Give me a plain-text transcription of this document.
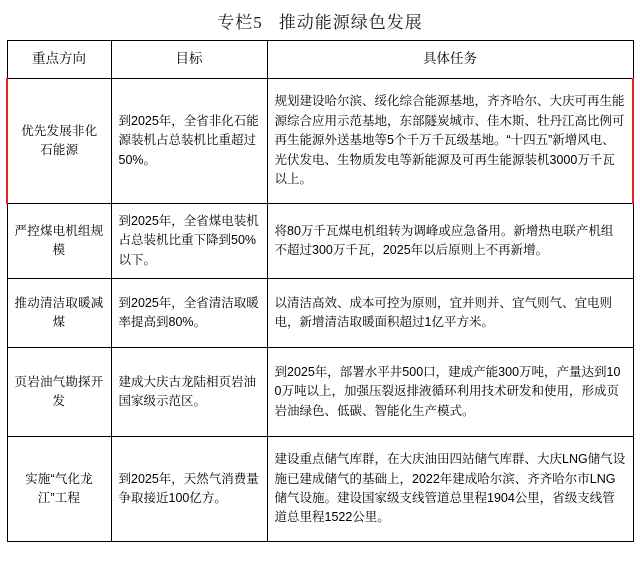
专栏5 推动能源绿色发展
重点方向	目标	具体任务
优先发展非化石能源	到2025年，全省非化石能源装机占总装机比重超过50%。	规划建设哈尔滨、绥化综合能源基地，齐齐哈尔、大庆可再生能源综合应用示范基地，东部隧炭城市、佳木斯、牡丹江高比例可再生能源外送基地等5个千万千瓦级基地。“十四五”新增风电、光伏发电、生物质发电等新能源及可再生能源装机3000万千瓦以上。
严控煤电机组规模	到2025年，全省煤电装机占总装机比重下降到50%以下。	将80万千瓦煤电机组转为调峰或应急备用。新增热电联产机组不超过300万千瓦，2025年以后原则上不再新增。
推动清洁取暖减煤	到2025年，全省清洁取暖率提高到80%。	以清洁高效、成本可控为原则，宜并则并、宜气则气、宜电则电，新增清洁取暖面积超过1亿平方米。
页岩油气勘探开发	建成大庆古龙陆相页岩油国家级示范区。	到2025年，部署水平井500口，建成产能300万吨，产量达到100万吨以上，加强压裂返排液循环利用技术研发和使用，形成页岩油绿色、低碳、智能化生产模式。
实施“气化龙江”工程	到2025年，天然气消费量争取接近100亿方。	建设重点储气库群，在大庆油田四站储气库群、大庆LNG储气设施已建成储气的基础上，2022年建成哈尔滨、齐齐哈尔市LNG储气设施。建设国家级支线管道总里程1904公里，省级支线管道总里程1522公里。
